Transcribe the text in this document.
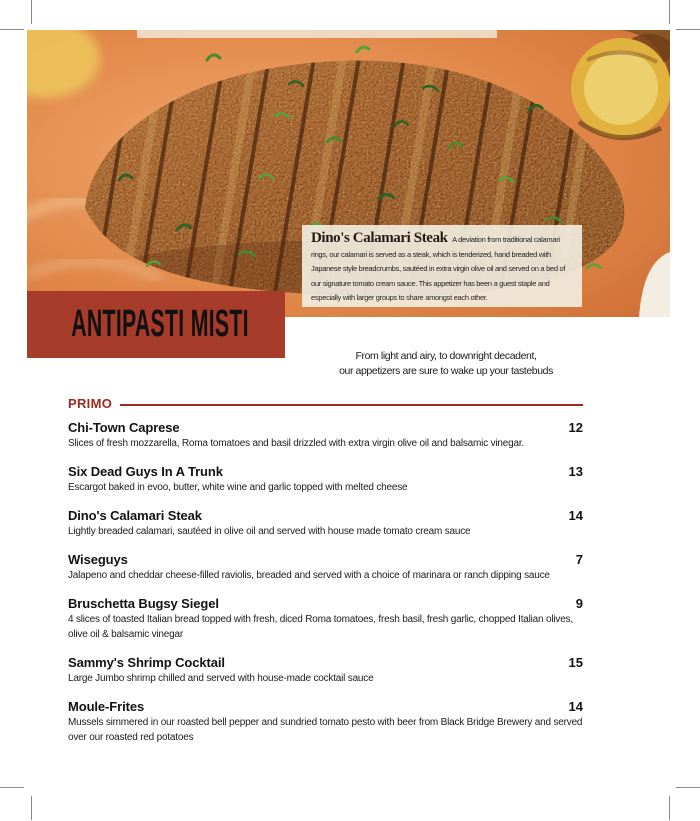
Dino's Calamari Steak A deviation from traditional calamari rings, our calamari is served as a steak, which is tenderized, hand breaded with Japanese style breadcrumbs, sautéed in extra virgin olive oil and served on a bed of our signature tomato cream sauce. This appetizer has been a guest staple and especially with larger groups to share amongst each other.

ANTIPASTI MISTI
From light and airy, to downright decadent,
our appetizers are sure to wake up your tastebuds
PRIMO
Chi-Town Caprese	12
Slices of fresh mozzarella, Roma tomatoes and basil drizzled with extra virgin olive oil and balsamic vinegar.
Six Dead Guys In A Trunk	13
Escargot baked in evoo, butter, white wine and garlic topped with melted cheese
Dino's Calamari Steak	14
Lightly breaded calamari, sautéed in olive oil and served with house made tomato cream sauce
Wiseguys	7
Jalapeno and cheddar cheese-filled raviolis, breaded and served with a choice of marinara or ranch dipping sauce
Bruschetta Bugsy Siegel	9
4 slices of toasted Italian bread topped with fresh, diced Roma tomatoes, fresh basil, fresh garlic, chopped Italian olives, olive oil & balsamic vinegar
Sammy's Shrimp Cocktail	15
Large Jumbo shrimp chilled and served with house-made cocktail sauce
Moule-Frites	14
Mussels simmered in our roasted bell pepper and sundried tomato pesto with beer from Black Bridge Brewery and served over our roasted red potatoes
